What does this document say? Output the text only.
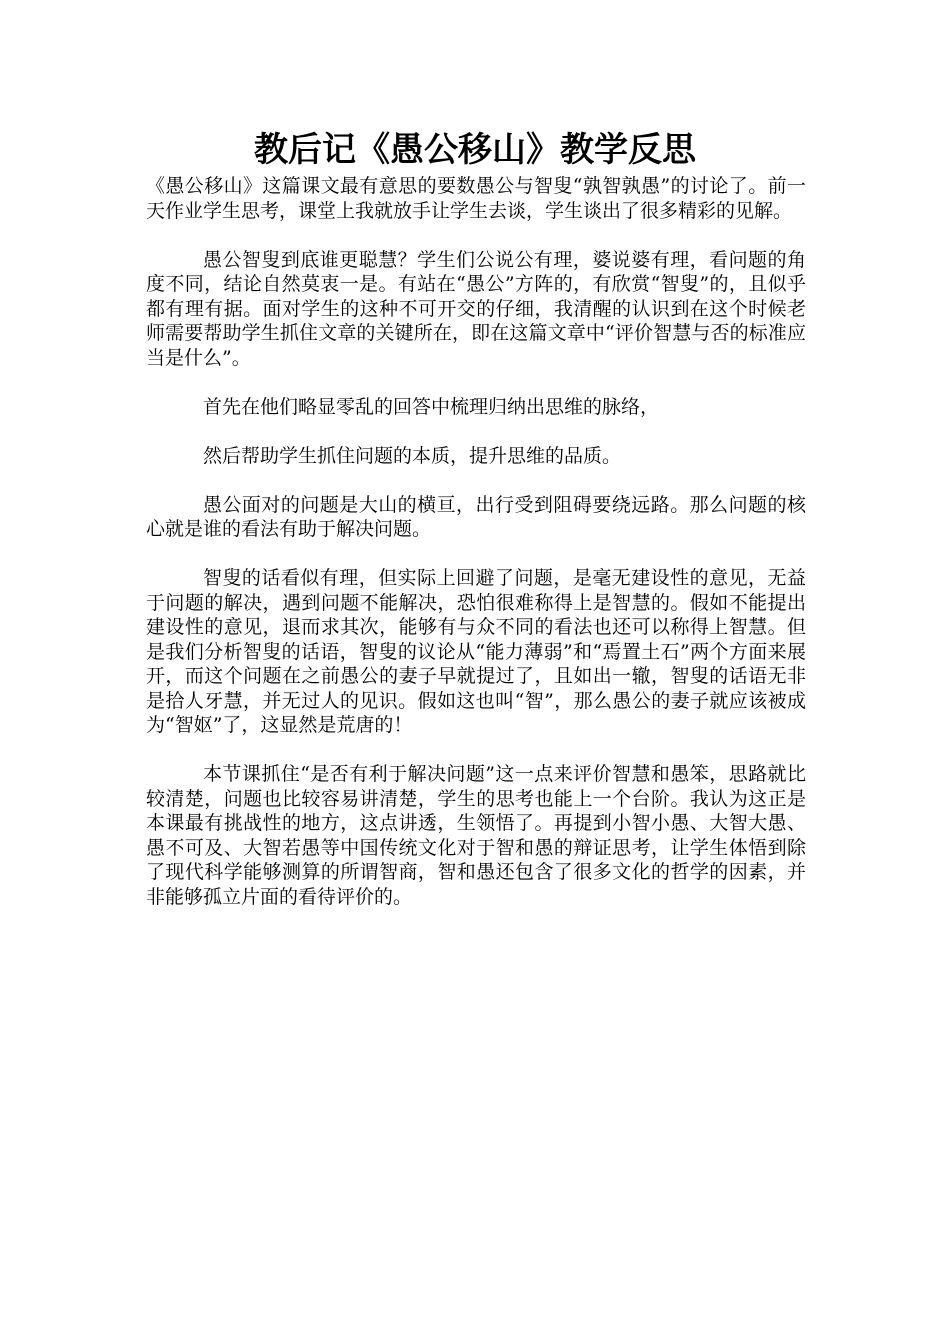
教后记《愚公移山》教学反思

《愚公移山》这篇课文最有意思的要数愚公与智叟“孰智孰愚”的讨论了。前一天作业学生思考，课堂上我就放手让学生去谈，学生谈出了很多精彩的见解。

愚公智叟到底谁更聪慧？学生们公说公有理，婆说婆有理，看问题的角度不同，结论自然莫衷一是。有站在“愚公”方阵的，有欣赏“智叟”的，且似乎都有理有据。面对学生的这种不可开交的仔细，我清醒的认识到在这个时候老师需要帮助学生抓住文章的关键所在，即在这篇文章中“评价智慧与否的标准应当是什么”。

首先在他们略显零乱的回答中梳理归纳出思维的脉络，

然后帮助学生抓住问题的本质，提升思维的品质。

愚公面对的问题是大山的横亘，出行受到阻碍要绕远路。那么问题的核心就是谁的看法有助于解决问题。

智叟的话看似有理，但实际上回避了问题，是毫无建设性的意见，无益于问题的解决，遇到问题不能解决，恐怕很难称得上是智慧的。假如不能提出建设性的意见，退而求其次，能够有与众不同的看法也还可以称得上智慧。但是我们分析智叟的话语，智叟的议论从“能力薄弱”和“焉置土石”两个方面来展开，而这个问题在之前愚公的妻子早就提过了，且如出一辙，智叟的话语无非是拾人牙慧，并无过人的见识。假如这也叫“智”，那么愚公的妻子就应该被成为“智妪”了，这显然是荒唐的！

本节课抓住“是否有利于解决问题”这一点来评价智慧和愚笨，思路就比较清楚，问题也比较容易讲清楚，学生的思考也能上一个台阶。我认为这正是本课最有挑战性的地方，这点讲透，生领悟了。再提到小智小愚、大智大愚、愚不可及、大智若愚等中国传统文化对于智和愚的辩证思考，让学生体悟到除了现代科学能够测算的所谓智商，智和愚还包含了很多文化的哲学的因素，并非能够孤立片面的看待评价的。
